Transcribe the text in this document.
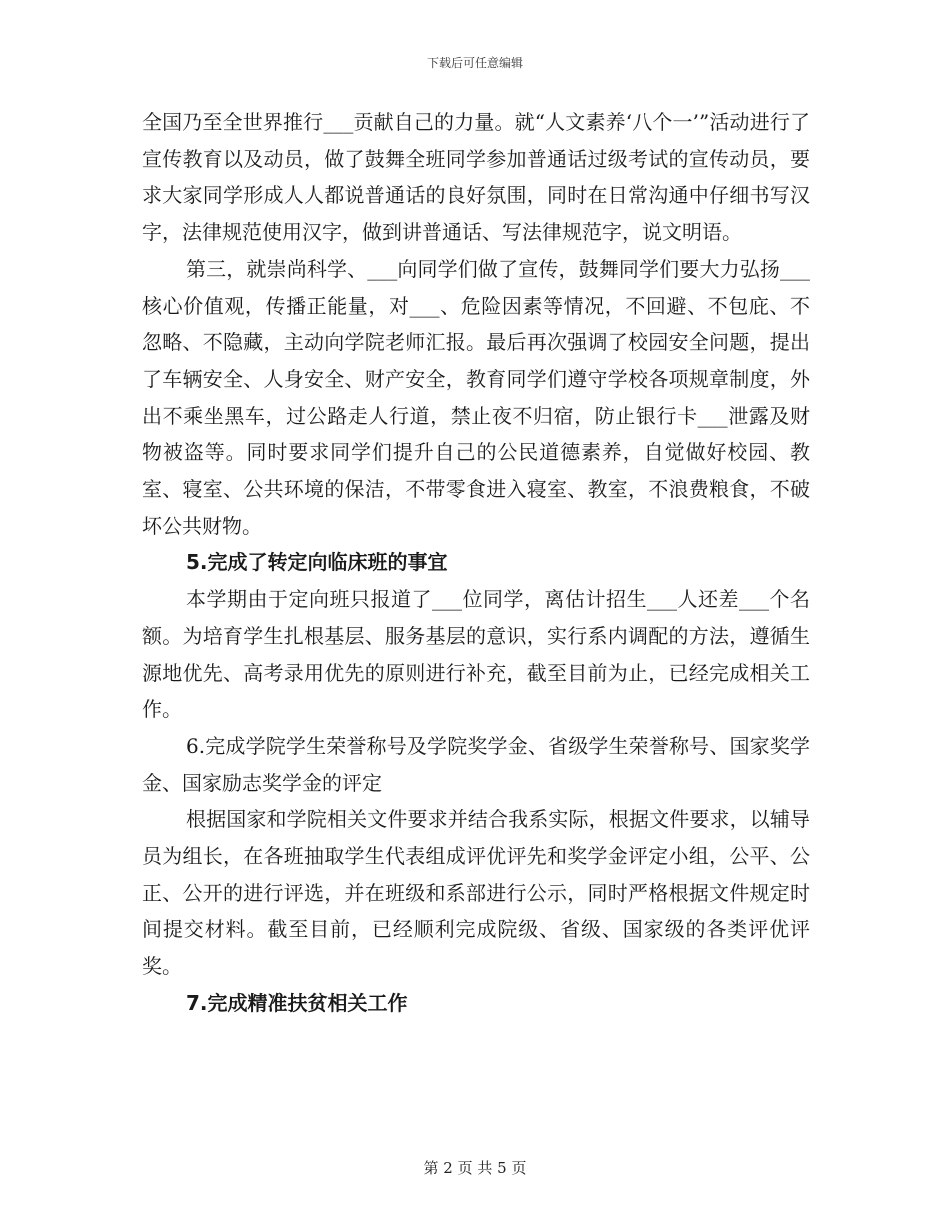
下载后可任意编辑

全国乃至全世界推行___贡献自己的力量。就“人文素养‘八个一’”活动进行了宣传教育以及动员，做了鼓舞全班同学参加普通话过级考试的宣传动员，要求大家同学形成人人都说普通话的良好氛围，同时在日常沟通中仔细书写汉字，法律规范使用汉字，做到讲普通话、写法律规范字，说文明语。

第三，就崇尚科学、___向同学们做了宣传，鼓舞同学们要大力弘扬___核心价值观，传播正能量，对___、危险因素等情况，不回避、不包庇、不忽略、不隐藏，主动向学院老师汇报。最后再次强调了校园安全问题，提出了车辆安全、人身安全、财产安全，教育同学们遵守学校各项规章制度，外出不乘坐黑车，过公路走人行道，禁止夜不归宿，防止银行卡___泄露及财物被盗等。同时要求同学们提升自己的公民道德素养，自觉做好校园、教室、寝室、公共环境的保洁，不带零食进入寝室、教室，不浪费粮食，不破坏公共财物。

5.完成了转定向临床班的事宜

本学期由于定向班只报道了___位同学，离估计招生___人还差___个名额。为培育学生扎根基层、服务基层的意识，实行系内调配的方法，遵循生源地优先、高考录用优先的原则进行补充，截至目前为止，已经完成相关工作。

6.完成学院学生荣誉称号及学院奖学金、省级学生荣誉称号、国家奖学金、国家励志奖学金的评定

根据国家和学院相关文件要求并结合我系实际，根据文件要求，以辅导员为组长，在各班抽取学生代表组成评优评先和奖学金评定小组，公平、公正、公开的进行评选，并在班级和系部进行公示，同时严格根据文件规定时间提交材料。截至目前，已经顺利完成院级、省级、国家级的各类评优评奖。

7.完成精准扶贫相关工作

第 2 页 共 5 页
